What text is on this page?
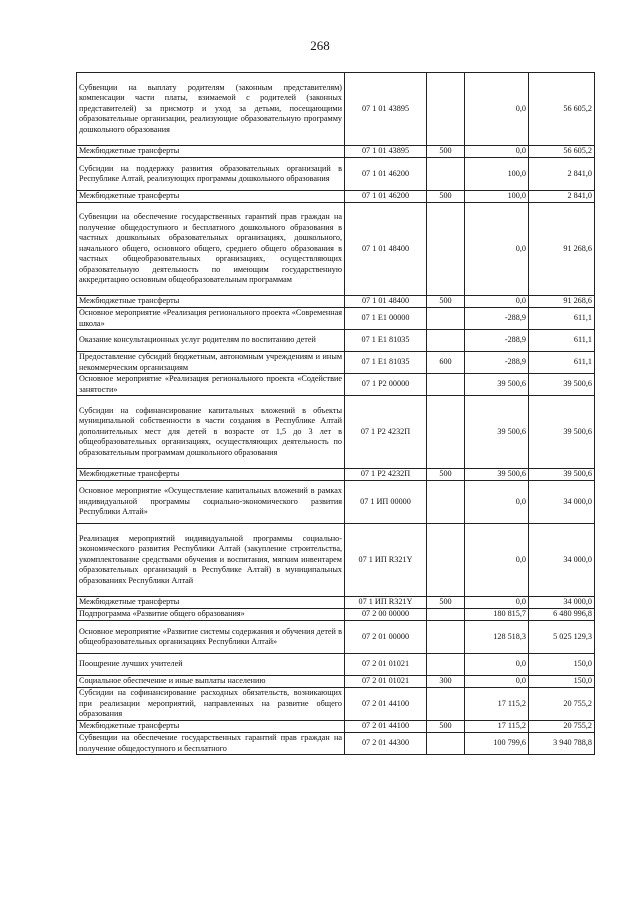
268
Субвенции на выплату родителям (законным представителям) компенсации части платы, взимаемой с родителей (законных представителей) за присмотр и уход за детьми, посещающими образовательные организации, реализующие образовательную программу дошкольного образования	07 1 01 43895		0,0	56 605,2
Межбюджетные трансферты	07 1 01 43895	500	0,0	56 605,2
Субсидии на поддержку развития образовательных организаций в Республике Алтай, реализующих программы дошкольного образования	07 1 01 46200		100,0	2 841,0
Межбюджетные трансферты	07 1 01 46200	500	100,0	2 841,0
Субвенции на обеспечение государственных гарантий прав граждан на получение общедоступного и бесплатного дошкольного образования в частных дошкольных образовательных организациях, дошкольного, начального общего, основного общего, среднего общего образования в частных общеобразовательных организациях, осуществляющих образовательную деятельность по имеющим государственную аккредитацию основным общеобразовательным программам	07 1 01 48400		0,0	91 268,6
Межбюджетные трансферты	07 1 01 48400	500	0,0	91 268,6
Основное мероприятие «Реализация регионального проекта «Современная школа»	07 1 E1 00000		-288,9	611,1
Оказание консультационных услуг родителям по воспитанию детей	07 1 E1 81035		-288,9	611,1
Предоставление субсидий бюджетным, автономным учреждениям и иным некоммерческим организациям	07 1 E1 81035	600	-288,9	611,1
Основное мероприятие «Реализация регионального проекта «Содействие занятости»	07 1 P2 00000		39 500,6	39 500,6
Субсидии на софинансирование капитальных вложений в объекты муниципальной собственности в части создания в Республике Алтай дополнительных мест для детей в возрасте от 1,5 до 3 лет в общеобразовательных организациях, осуществляющих деятельность по образовательным программам дошкольного образования	07 1 P2 4232П		39 500,6	39 500,6
Межбюджетные трансферты	07 1 P2 4232П	500	39 500,6	39 500,6
Основное мероприятие «Осуществление капитальных вложений в рамках индивидуальной программы социально-экономического развития Республики Алтай»	07 1 ИП 00000		0,0	34 000,0
Реализация мероприятий индивидуальной программы социально-экономического развития Республики Алтай (закупление строительства, укомплектование средствами обучения и воспитания, мягким инвентарем образовательных организаций в Республике Алтай) в муниципальных образованиях Республики Алтай	07 1 ИП R321Y		0,0	34 000,0
Межбюджетные трансферты	07 1 ИП R321Y	500	0,0	34 000,0
Подпрограмма «Развитие общего образования»	07 2 00 00000		180 815,7	6 480 996,8
Основное мероприятие «Развитие системы содержания и обучения детей в общеобразовательных организациях Республики Алтай»	07 2 01 00000		128 518,3	5 025 129,3
Поощрение лучших учителей	07 2 01 01021		0,0	150,0
Социальное обеспечение и иные выплаты населению	07 2 01 01021	300	0,0	150,0
Субсидии на софинансирование расходных обязательств, возникающих при реализации мероприятий, направленных на развитие общего образования	07 2 01 44100		17 115,2	20 755,2
Межбюджетные трансферты	07 2 01 44100	500	17 115,2	20 755,2
Субвенции на обеспечение государственных гарантий прав граждан на получение общедоступного и бесплатного	07 2 01 44300		100 799,6	3 940 788,8
